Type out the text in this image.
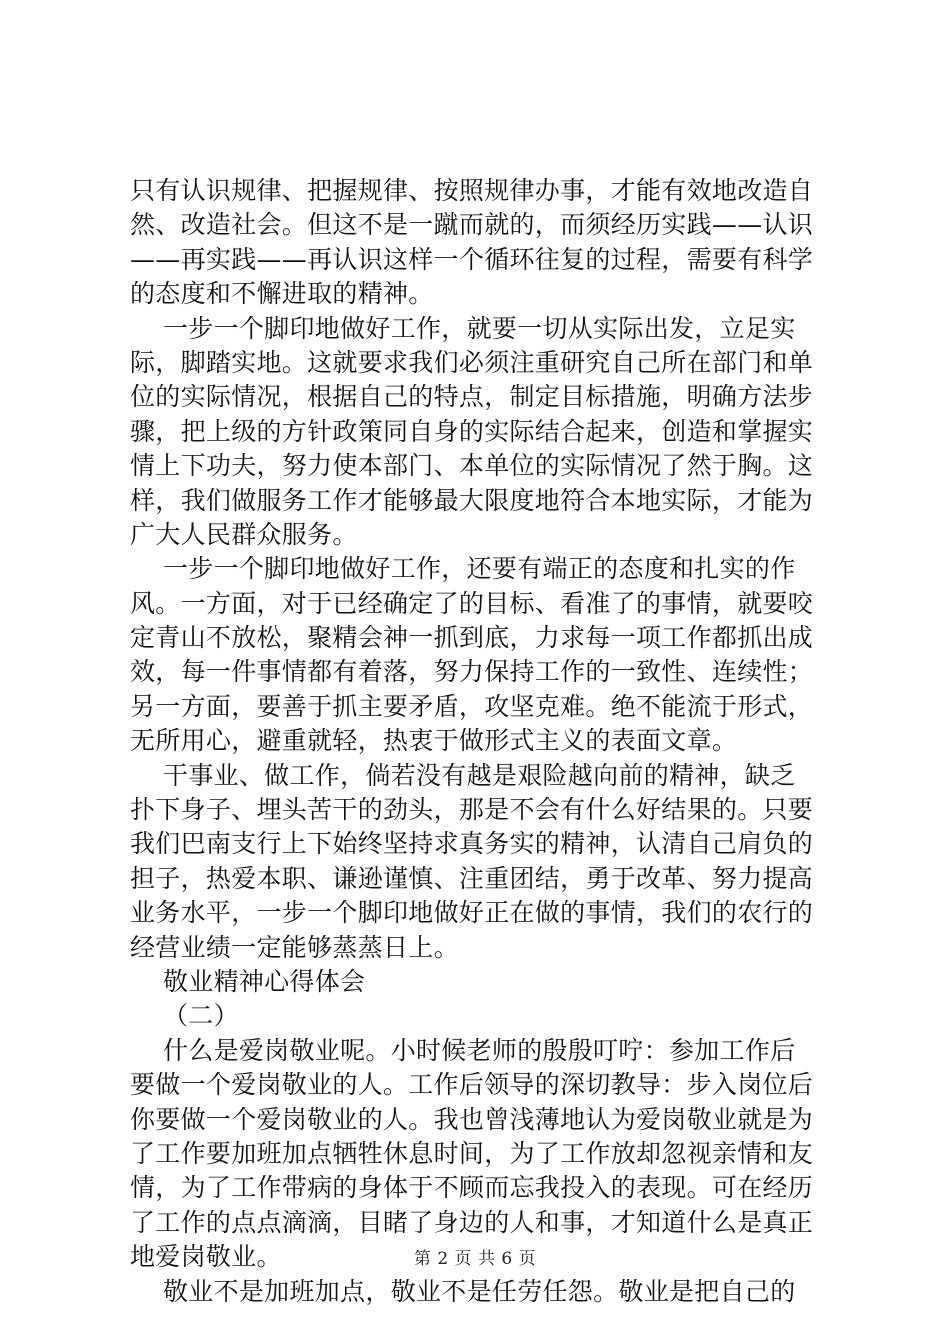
只有认识规律、把握规律、按照规律办事，才能有效地改造自
然、改造社会。但这不是一蹴而就的，而须经历实践——认识
——再实践——再认识这样一个循环往复的过程，需要有科学
的态度和不懈进取的精神。
一步一个脚印地做好工作，就要一切从实际出发，立足实
际，脚踏实地。这就要求我们必须注重研究自己所在部门和单
位的实际情况，根据自己的特点，制定目标措施，明确方法步
骤，把上级的方针政策同自身的实际结合起来，创造和掌握实
情上下功夫，努力使本部门、本单位的实际情况了然于胸。这
样，我们做服务工作才能够最大限度地符合本地实际，才能为
广大人民群众服务。
一步一个脚印地做好工作，还要有端正的态度和扎实的作
风。一方面，对于已经确定了的目标、看准了的事情，就要咬
定青山不放松，聚精会神一抓到底，力求每一项工作都抓出成
效，每一件事情都有着落，努力保持工作的一致性、连续性；
另一方面，要善于抓主要矛盾，攻坚克难。绝不能流于形式，
无所用心，避重就轻，热衷于做形式主义的表面文章。
干事业、做工作，倘若没有越是艰险越向前的精神，缺乏
扑下身子、埋头苦干的劲头，那是不会有什么好结果的。只要
我们巴南支行上下始终坚持求真务实的精神，认清自己肩负的
担子，热爱本职、谦逊谨慎、注重团结，勇于改革、努力提高
业务水平，一步一个脚印地做好正在做的事情，我们的农行的
经营业绩一定能够蒸蒸日上。
敬业精神心得体会
（二）
什么是爱岗敬业呢。小时候老师的殷殷叮咛：参加工作后
要做一个爱岗敬业的人。工作后领导的深切教导：步入岗位后
你要做一个爱岗敬业的人。我也曾浅薄地认为爱岗敬业就是为
了工作要加班加点牺牲休息时间，为了工作放却忽视亲情和友
情，为了工作带病的身体于不顾而忘我投入的表现。可在经历
了工作的点点滴滴，目睹了身边的人和事，才知道什么是真正
地爱岗敬业。
敬业不是加班加点，敬业不是任劳任怨。敬业是把自己的
第 2 页 共 6 页
